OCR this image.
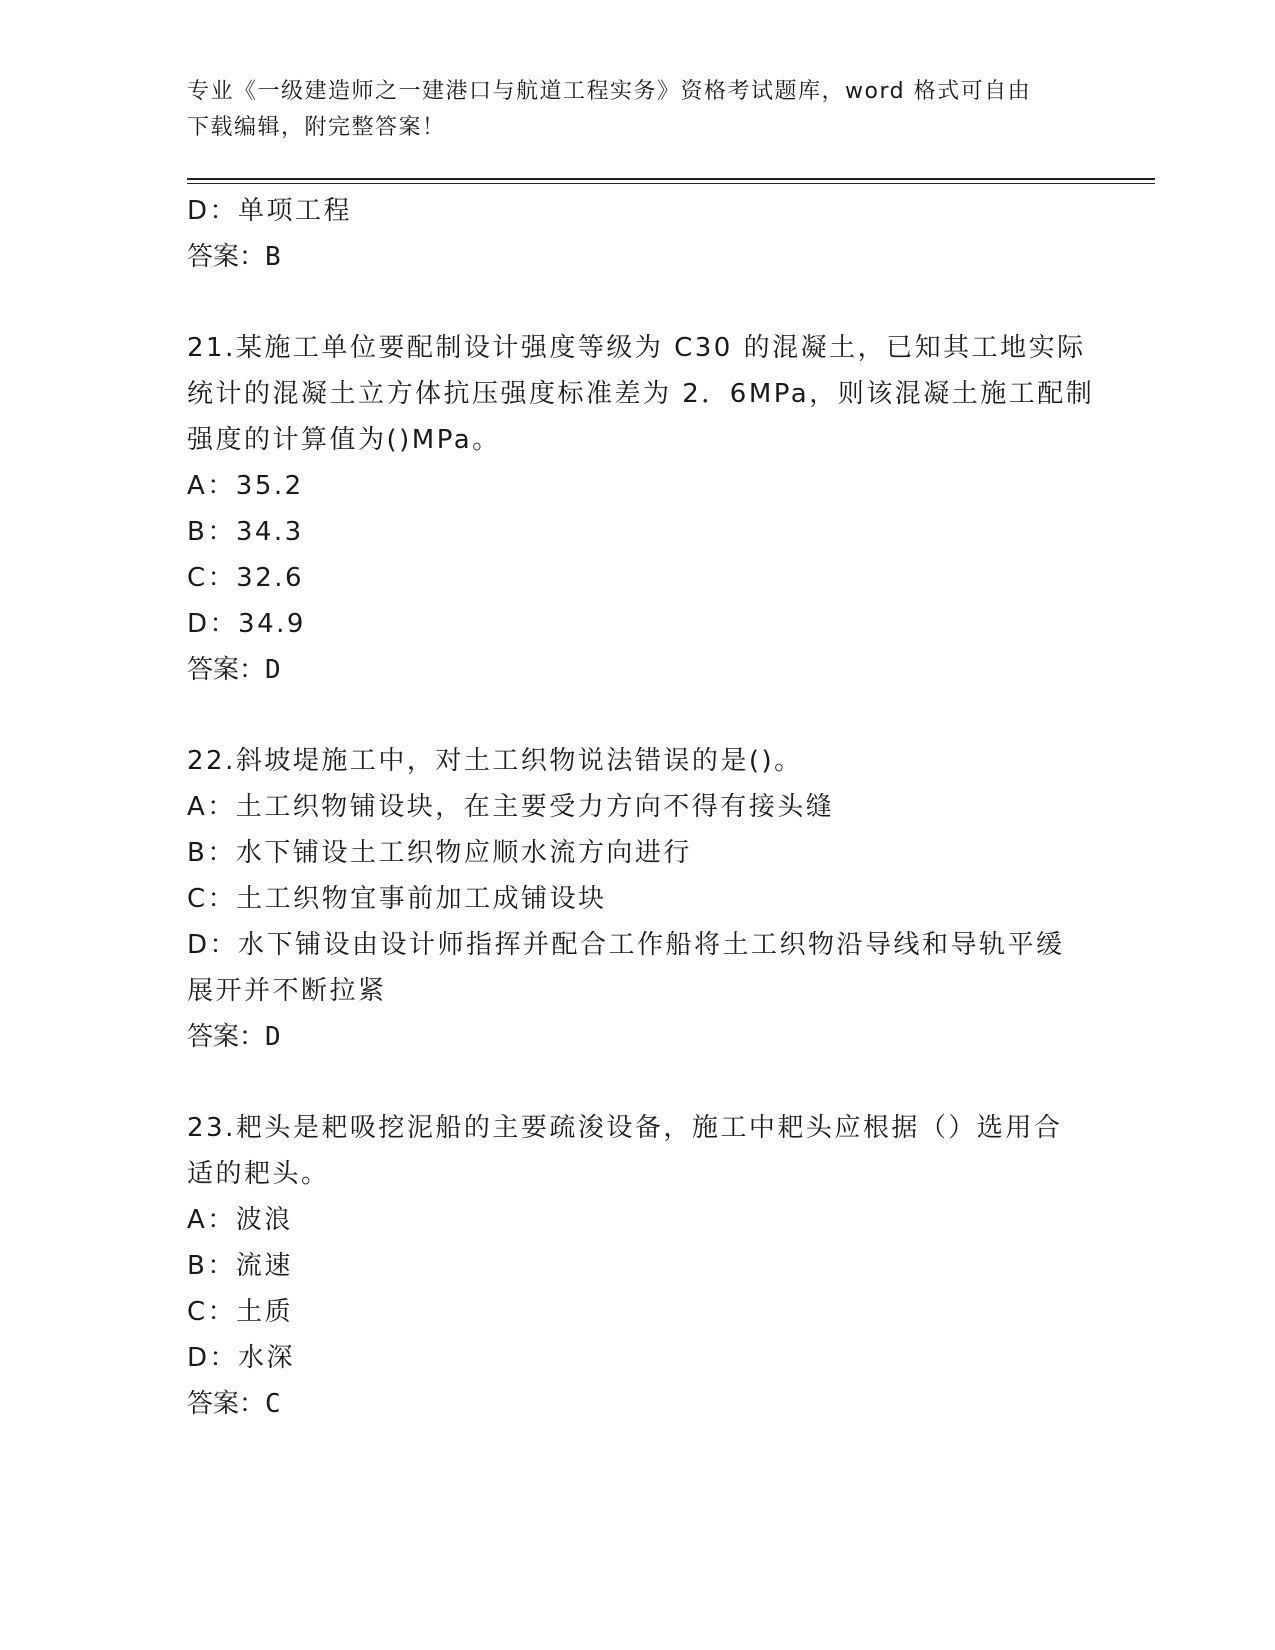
专业《一级建造师之一建港口与航道工程实务》资格考试题库，word 格式可自由
下载编辑，附完整答案！
D：单项工程
答案：B
21.某施工单位要配制设计强度等级为 C30 的混凝土，已知其工地实际
统计的混凝土立方体抗压强度标准差为 2．6MPa，则该混凝土施工配制
强度的计算值为()MPa。
A：35.2
B：34.3
C：32.6
D：34.9
答案：D
22.斜坡堤施工中，对土工织物说法错误的是()。
A：土工织物铺设块，在主要受力方向不得有接头缝
B：水下铺设土工织物应顺水流方向进行
C：土工织物宜事前加工成铺设块
D：水下铺设由设计师指挥并配合工作船将土工织物沿导线和导轨平缓
展开并不断拉紧
答案：D
23.耙头是耙吸挖泥船的主要疏浚设备，施工中耙头应根据（）选用合
适的耙头。
A：波浪
B：流速
C：土质
D：水深
答案：C
